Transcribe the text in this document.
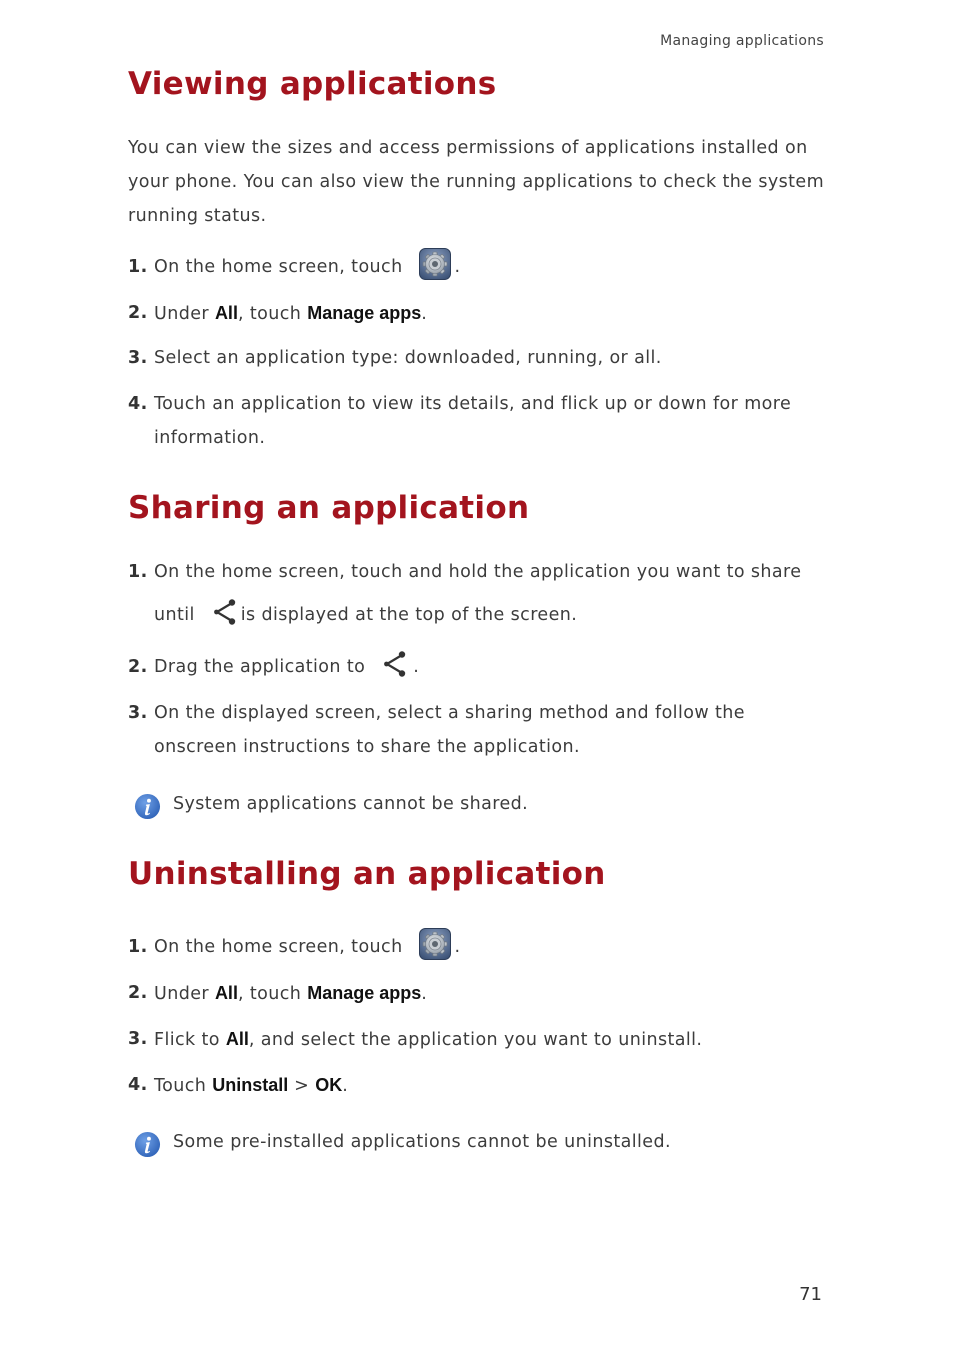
Managing applications
Viewing applications
You can view the sizes and access permissions of applications installed on your phone. You can also view the running applications to check the system running status.
1. On the home screen, touch	.
2. Under All, touch Manage apps.
3. Select an application type: downloaded, running, or all.
4. Touch an application to view its details, and flick up or down for more information.
Sharing an application
1. On the home screen, touch and hold the application you want to share
until	is displayed at the top of the screen.
2. Drag the application to	.
3. On the displayed screen, select a sharing method and follow the onscreen instructions to share the application.
System applications cannot be shared.
Uninstalling an application
1. On the home screen, touch	.
2. Under All, touch Manage apps.
3. Flick to All, and select the application you want to uninstall.
4. Touch Uninstall > OK.
Some pre-installed applications cannot be uninstalled.
71
